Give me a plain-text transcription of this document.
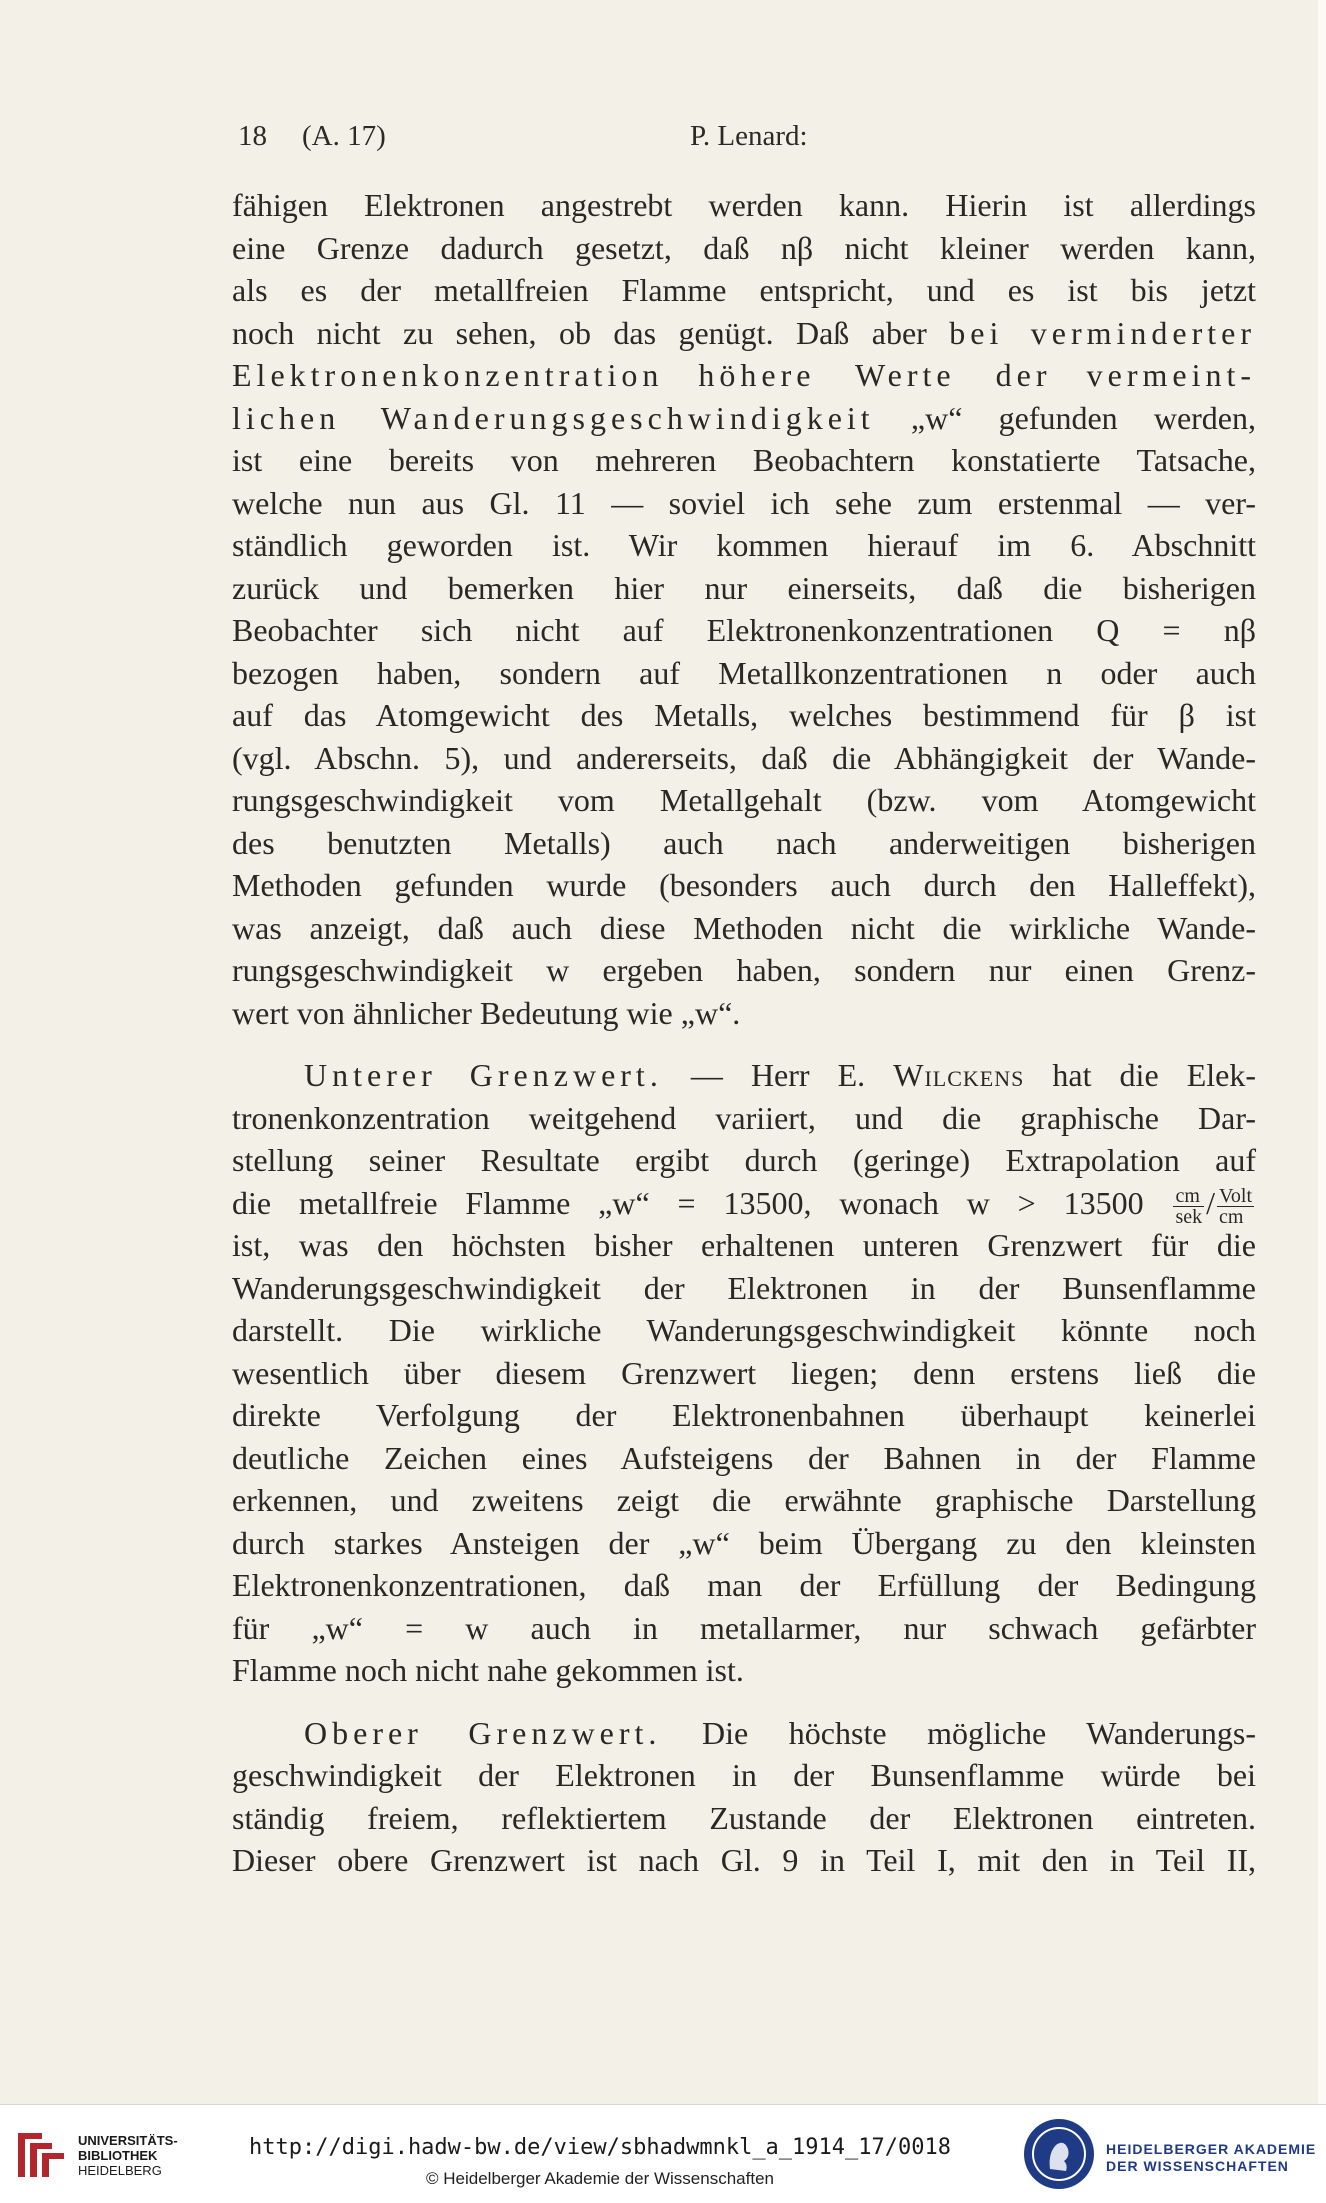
18 (A. 17)	P. Lenard:
fähigen Elektronen angestrebt werden kann. Hierin ist allerdings
eine Grenze dadurch gesetzt, daß nβ nicht kleiner werden kann,
als es der metallfreien Flamme entspricht, und es ist bis jetzt
noch nicht zu sehen, ob das genügt. Daß aber bei verminderter
Elektronenkonzentration höhere Werte der vermeint-
lichen Wanderungsgeschwindigkeit „w“ gefunden werden,
ist eine bereits von mehreren Beobachtern konstatierte Tatsache,
welche nun aus Gl. 11 — soviel ich sehe zum erstenmal — ver-
ständlich geworden ist. Wir kommen hierauf im 6. Abschnitt
zurück und bemerken hier nur einerseits, daß die bisherigen
Beobachter sich nicht auf Elektronenkonzentrationen Q = nβ
bezogen haben, sondern auf Metallkonzentrationen n oder auch
auf das Atomgewicht des Metalls, welches bestimmend für β ist
(vgl. Abschn. 5), und andererseits, daß die Abhängigkeit der Wande-
rungsgeschwindigkeit vom Metallgehalt (bzw. vom Atomgewicht
des benutzten Metalls) auch nach anderweitigen bisherigen
Methoden gefunden wurde (besonders auch durch den Halleffekt),
was anzeigt, daß auch diese Methoden nicht die wirkliche Wande-
rungsgeschwindigkeit w ergeben haben, sondern nur einen Grenz-
wert von ähnlicher Bedeutung wie „w“.
Unterer Grenzwert. — Herr E. Wilckens hat die Elek-
tronenkonzentration weitgehend variiert, und die graphische Dar-
stellung seiner Resultate ergibt durch (geringe) Extrapolation auf
die metallfreie Flamme „w“ = 13500, wonach $w > 13500 \frac{cm}{\text{sek}} / \frac{\text{Volt}}{cm}$
ist, was den höchsten bisher erhaltenen unteren Grenzwert für die
Wanderungsgeschwindigkeit der Elektronen in der Bunsenflamme
darstellt. Die wirkliche Wanderungsgeschwindigkeit könnte noch
wesentlich über diesem Grenzwert liegen; denn erstens ließ die
direkte Verfolgung der Elektronenbahnen überhaupt keinerlei
deutliche Zeichen eines Aufsteigens der Bahnen in der Flamme
erkennen, und zweitens zeigt die erwähnte graphische Darstellung
durch starkes Ansteigen der „w“ beim Übergang zu den kleinsten
Elektronenkonzentrationen, daß man der Erfüllung der Bedingung
für „w“ = w auch in metallarmer, nur schwach gefärbter
Flamme noch nicht nahe gekommen ist.
Oberer Grenzwert. Die höchste mögliche Wanderungs-
geschwindigkeit der Elektronen in der Bunsenflamme würde bei
ständig freiem, reflektiertem Zustande der Elektronen eintreten.
Dieser obere Grenzwert ist nach Gl. 9 in Teil I, mit den in Teil II,
UNIVERSITÄTS-
BIBLIOTHEK
HEIDELBERG
http://digi.hadw-bw.de/view/sbhadwmnkl_a_1914_17/0018
© Heidelberger Akademie der Wissenschaften
HEIDELBERGER AKADEMIE
DER WISSENSCHAFTEN
